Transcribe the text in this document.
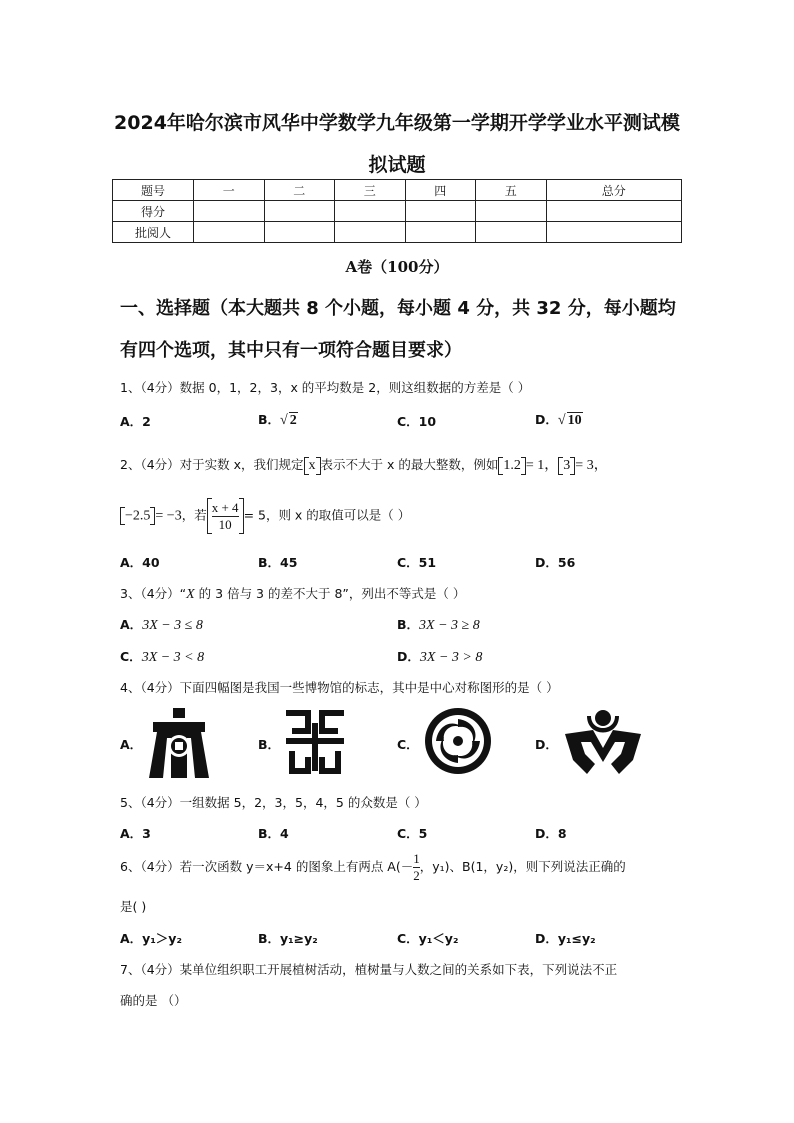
2024年哈尔滨市风华中学数学九年级第一学期开学学业水平测试模
拟试题
题号	一	二	三	四	五	总分
得分						
批阅人						
A卷（100分）
一、选择题（本大题共 8 个小题，每小题 4 分，共 32 分，每小题均
有四个选项，其中只有一项符合题目要求）
1、（4分）数据 0，1，2，3，x 的平均数是 2，则这组数据的方差是（ ）
A．2	B．√ 2	C．10	D．√ 10
2、（4分）对于实数 x，我们规定 x 表示不大于 x 的最大整数，例如 1.2 = 1， 3 = 3，
−2.5 = −3，若 $\frac{x + 4}{10} = 5$，则 x 的取值可以是（ ）
A．40	B．45	C．51	D．56
3、（4分）“X 的 3 倍与 3 的差不大于 8”，列出不等式是（ ）
A．3X − 3 ≤ 8	B．3X − 3 ≥ 8
C．3X − 3 < 8	D．3X − 3 > 8
4、（4分）下面四幅图是我国一些博物馆的标志，其中是中心对称图形的是（ ）
A．	B．	C．	D．
5、（4分）一组数据 5，2，3，5，4，5 的众数是（ ）
A．3	B．4	C．5	D．8
6、（4分）若一次函数 y＝x+4 的图象上有两点 $A(- \frac{1}{2}$ ，y₁)、B(1，y₂)，则下列说法正确的
是( )
A．y₁＞y₂	B．y₁≥y₂	C．y₁＜y₂	D．y₁≤y₂
7、（4分）某单位组织职工开展植树活动，植树量与人数之间的关系如下表，下列说法不正
确的是 （）
